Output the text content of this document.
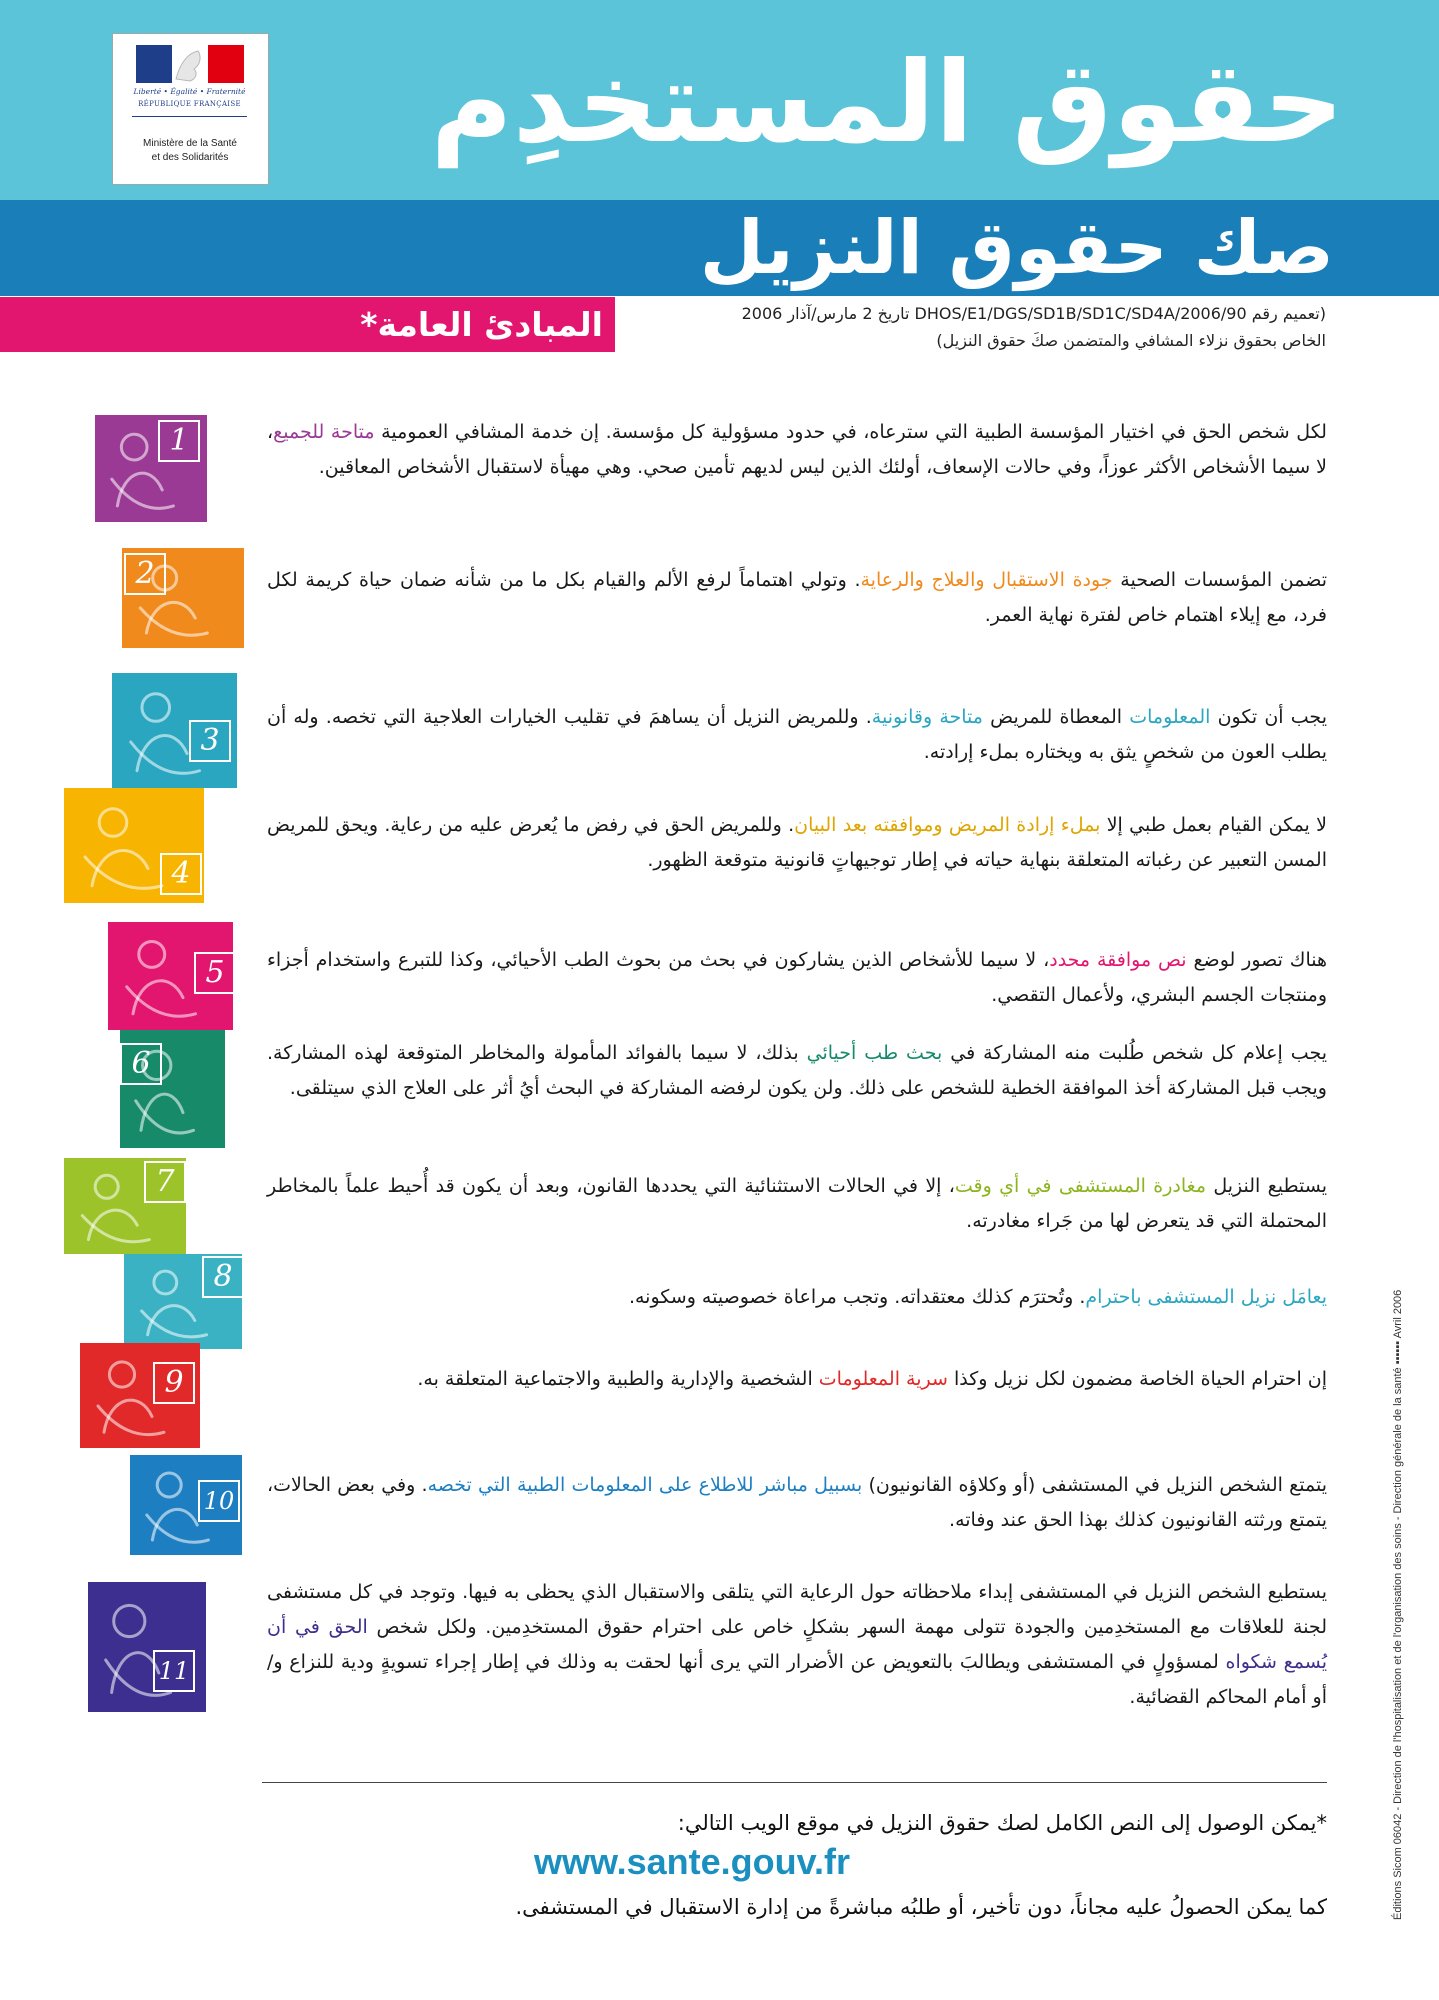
حقوق المستخدِم
صك حقوق النزيل
Liberté • Égalité • Fraternité
RÉPUBLIQUE FRANÇAISE
Ministère de la Santé
et des Solidarités
المبادئ العامة*	(تعميم رقم DHOS/E1/DGS/SD1B/SD1C/SD4A/2006/90 تاريخ 2 مارس/آذار 2006
الخاص بحقوق نزلاء المشافي والمتضمن صكَ حقوق النزيل)
1	لكل شخص الحق في اختيار المؤسسة الطبية التي سترعاه، في حدود مسؤولية كل مؤسسة. إن خدمة المشافي العمومية متاحة للجميع، لا سيما الأشخاص الأكثر عوزاً، وفي حالات الإسعاف، أولئك الذين ليس لديهم تأمين صحي. وهي مهيأة لاستقبال الأشخاص المعاقين.

2	تضمن المؤسسات الصحية جودة الاستقبال والعلاج والرعاية. وتولي اهتماماً لرفع الألم والقيام بكل ما من شأنه ضمان حياة كريمة لكل فرد، مع إيلاء اهتمام خاص لفترة نهاية العمر.

3

يجب أن تكون المعلومات المعطاة للمريض متاحة وقانونية. وللمريض النزيل أن يساهمَ في تقليب الخيارات العلاجية التي تخصه. وله أن يطلب العون من شخصٍ يثق به ويختاره بملء إرادته.

4

لا يمكن القيام بعمل طبي إلا بملء إرادة المريض وموافقته بعد البيان. وللمريض الحق في رفض ما يُعرض عليه من رعاية. ويحق للمريض المسن التعبير عن رغباته المتعلقة بنهاية حياته في إطار توجيهاتٍ قانونية متوقعة الظهور.

5	هناك تصور لوضع نص موافقة محدد، لا سيما للأشخاص الذين يشاركون في بحث من بحوث الطب الأحيائي، وكذا للتبرع واستخدام أجزاء ومنتجات الجسم البشري، ولأعمال التقصي.

6	يجب إعلام كل شخص طُلبت منه المشاركة في بحث طب أحيائي بذلك، لا سيما بالفوائد المأمولة والمخاطر المتوقعة لهذه المشاركة. ويجب قبل المشاركة أخذ الموافقة الخطية للشخص على ذلك. ولن يكون لرفضه المشاركة في البحث أيُ أثر على العلاج الذي سيتلقى.

7	يستطيع النزيل مغادرة المستشفى في أي وقت، إلا في الحالات الاستثنائية التي يحددها القانون، وبعد أن يكون قد أُحيط علماً بالمخاطر المحتملة التي قد يتعرض لها من جَراء مغادرته.

8

يعامَل نزيل المستشفى باحترام. وتُحترَم كذلك معتقداته. وتجب مراعاة خصوصيته وسكونه.

9	إن احترام الحياة الخاصة مضمون لكل نزيل وكذا سرية المعلومات الشخصية والإدارية والطبية والاجتماعية المتعلقة به.

10

يتمتع الشخص النزيل في المستشفى (أو وكلاؤه القانونيون) بسبيل مباشر للاطلاع على المعلومات الطبية التي تخصه. وفي بعض الحالات، يتمتع ورثته القانونيون كذلك بهذا الحق عند وفاته.

11

يستطيع الشخص النزيل في المستشفى إبداء ملاحظاته حول الرعاية التي يتلقى والاستقبال الذي يحظى به فيها. وتوجد في كل مستشفى لجنة للعلاقات مع المستخدِمين والجودة تتولى مهمة السهر بشكلٍ خاص على احترام حقوق المستخدِمين. ولكل شخص الحق في أن يُسمع شكواه لمسؤولٍ في المستشفى ويطالبَ بالتعويض عن الأضرار التي يرى أنها لحقت به وذلك في إطار إجراء تسويةٍ ودية للنزاع و/أو أمام المحاكم القضائية.

*يمكن الوصول إلى النص الكامل لصك حقوق النزيل في موقع الويب التالي:
www.sante.gouv.fr
كما يمكن الحصولُ عليه مجاناً، دون تأخير، أو طلبُه مباشرةً من إدارة الاستقبال في المستشفى.	Éditions Sicom 06042 - Direction de l'hospitalisation et de l'organisation des soins - Direction générale de la santé ▪▪▪▪▪▪ Avril 2006
